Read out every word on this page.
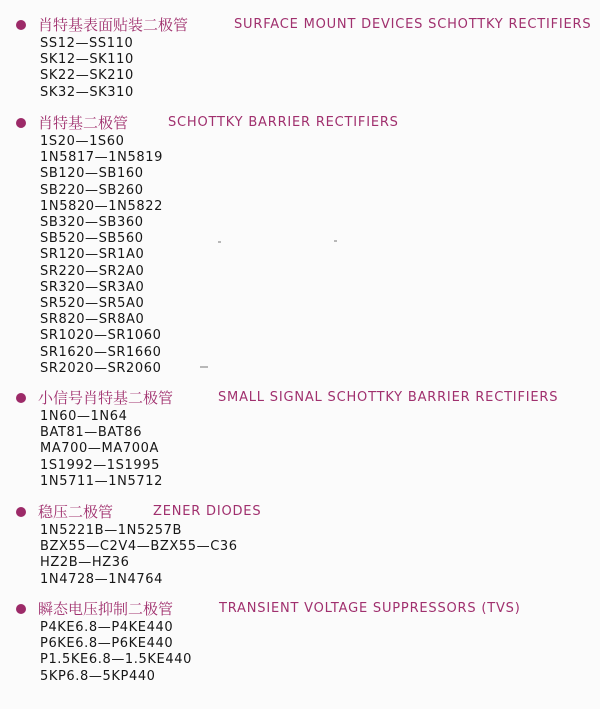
肖特基表面贴装二极管	SURFACE MOUNT DEVICES SCHOTTKY RECTIFIERS
SS12—SS110
SK12—SK110
SK22—SK210
SK32—SK310
肖特基二极管	SCHOTTKY BARRIER RECTIFIERS
1S20—1S60
1N5817—1N5819
SB120—SB160
SB220—SB260
1N5820—1N5822
SB320—SB360
SB520—SB560
SR120—SR1A0
SR220—SR2A0
SR320—SR3A0
SR520—SR5A0
SR820—SR8A0
SR1020—SR1060
SR1620—SR1660
SR2020—SR2060
小信号肖特基二极管	SMALL SIGNAL SCHOTTKY BARRIER RECTIFIERS
1N60—1N64
BAT81—BAT86
MA700—MA700A
1S1992—1S1995
1N5711—1N5712
稳压二极管	ZENER DIODES
1N5221B—1N5257B
BZX55—C2V4—BZX55—C36
HZ2B—HZ36
1N4728—1N4764
瞬态电压抑制二极管	TRANSIENT VOLTAGE SUPPRESSORS (TVS)
P4KE6.8—P4KE440
P6KE6.8—P6KE440
P1.5KE6.8—1.5KE440
5KP6.8—5KP440
